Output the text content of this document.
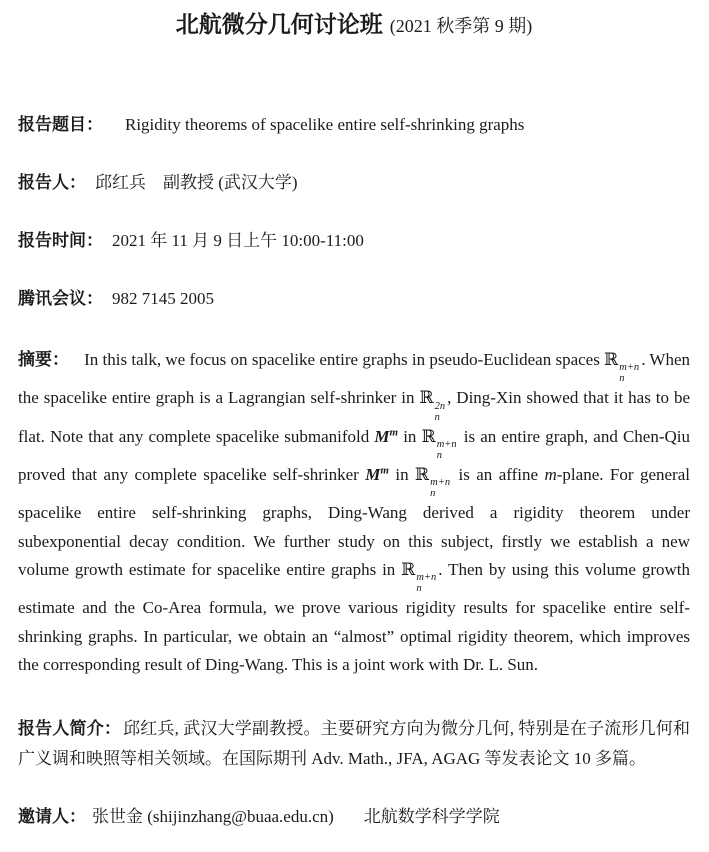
北航微分几何讨论班 (2021 秋季第 9 期)
报告题目： Rigidity theorems of spacelike entire self-shrinking graphs
报告人： 邱红兵　副教授 (武汉大学)
报告时间： 2021 年 11 月 9 日上午 10:00-11:00
腾讯会议： 982 7145 2005

摘要： In this talk, we focus on spacelike entire graphs in pseudo-Euclidean spaces ℝ m+n
n
. When the spacelike entire graph is a Lagrangian self-shrinker in ℝ 2n
n
, Ding-Xin showed that it has to be flat. Note that any complete spacelike submanifold $M^m$ in ℝ m+n
n
is an entire graph, and Chen-Qiu proved that any complete spacelike self-shrinker $M^m$ in ℝ m+n
n
is an affine m-plane. For general spacelike entire self-shrinking graphs, Ding-Wang derived a rigidity theorem under subexponential decay condition. We further study on this subject, firstly we establish a new volume growth estimate for spacelike entire graphs in ℝ m+n
n
. Then by using this volume growth estimate and the Co-Area formula, we prove various rigidity results for spacelike entire self-shrinking graphs. In particular, we obtain an “almost” optimal rigidity theorem, which improves the corresponding result of Ding-Wang. This is a joint work with Dr. L. Sun.

报告人简介： 邱红兵, 武汉大学副教授。主要研究方向为微分几何, 特别是在子流形几何和广义调和映照等相关领域。在国际期刊 Adv. Math., JFA, AGAG 等发表论文 10 多篇。

邀请人： 张世金 (shijinzhang@buaa.edu.cn) 北航数学科学学院
